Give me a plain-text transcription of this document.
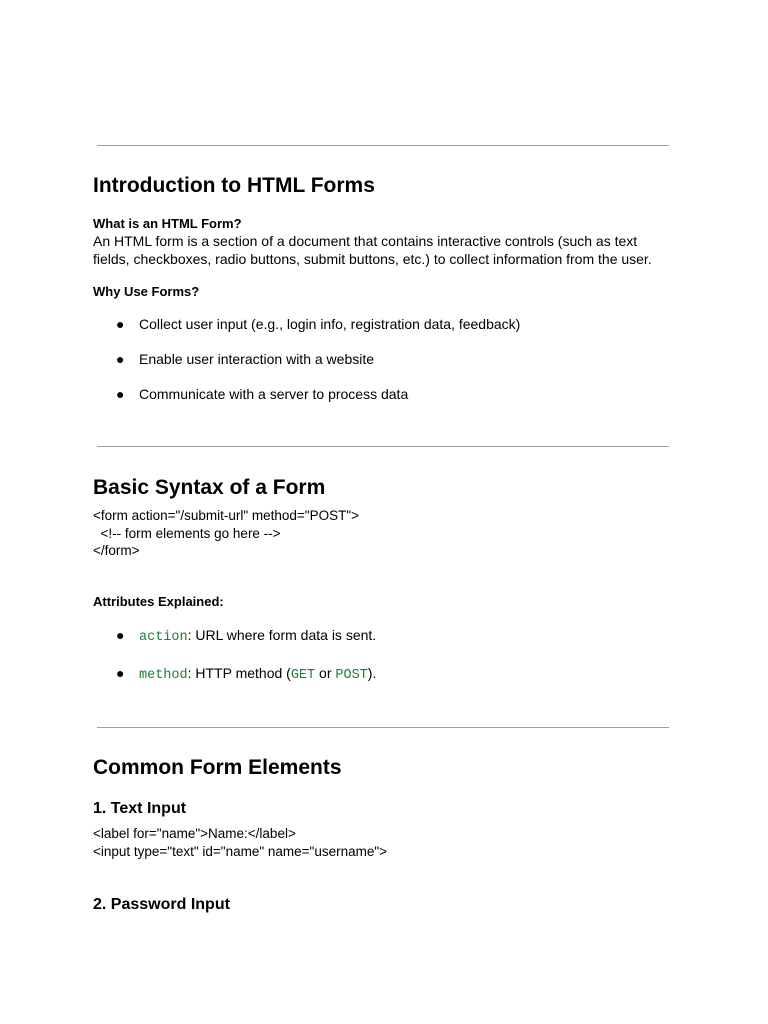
Introduction to HTML Forms
What is an HTML Form?
An HTML form is a section of a document that contains interactive controls (such as text fields, checkboxes, radio buttons, submit buttons, etc.) to collect information from the user.
Why Use Forms?
● Collect user input (e.g., login info, registration data, feedback)
● Enable user interaction with a website
● Communicate with a server to process data
Basic Syntax of a Form
<form action="/submit-url" method="POST">
<!-- form elements go here -->
</form>
Attributes Explained:
● action: URL where form data is sent.
● method: HTTP method (GET or POST).
Common Form Elements
1. Text Input
<label for="name">Name:</label>
<input type="text" id="name" name="username">
2. Password Input
